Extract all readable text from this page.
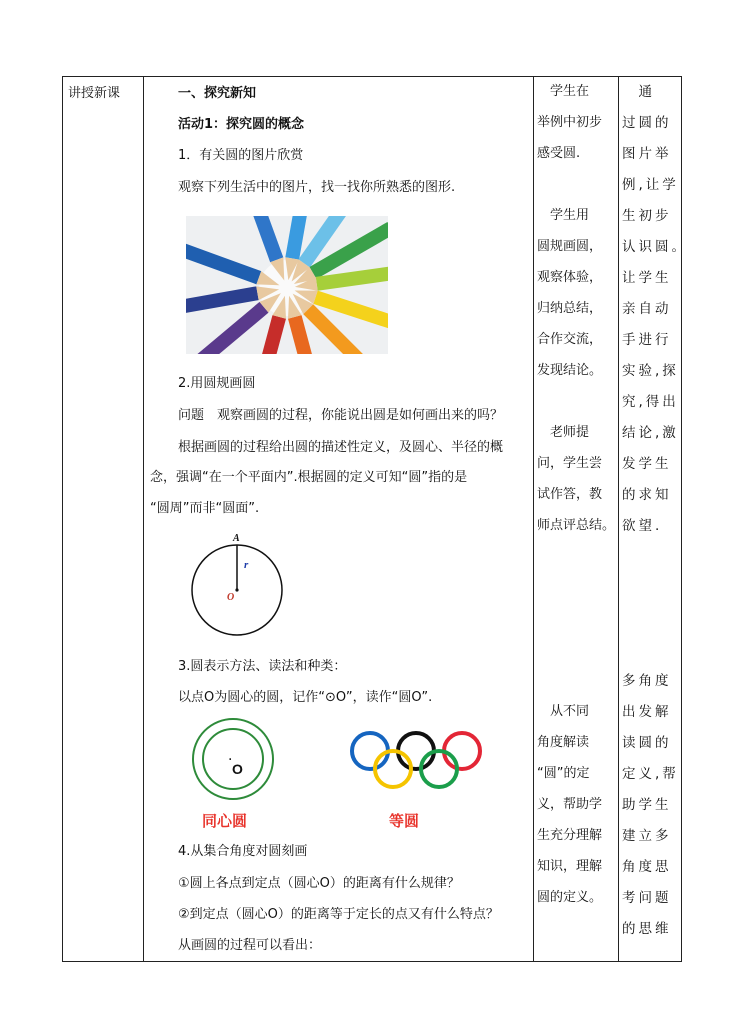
讲授新课	一、探究新知
活动1：探究圆的概念
1．有关圆的图片欣赏
观察下列生活中的图片，找一找你所熟悉的图形.
2.用圆规画圆
问题　观察画圆的过程，你能说出圆是如何画出来的吗？
根据画圆的过程给出圆的描述性定义，及圆心、半径的概
念，强调“在一个平面内”.根据圆的定义可知“圆”指的是
“圆周”而非“圆面”.
A
r
O
3.圆表示方法、读法和种类：
以点O为圆心的圆，记作“⊙O”，读作“圆O”.
·
O
同心圆	等圆
4.从集合角度对圆刻画
①圆上各点到定点（圆心O）的距离有什么规律？
②到定点（圆心O）的距离等于定长的点又有什么特点？
从画圆的过程可以看出：
　学生在
举例中初步
感受圆.
　学生用
圆规画圆，
观察体验，
归纳总结，
合作交流，
发现结论。
　老师提
问，学生尝
试作答，教
师点评总结。
　从不同
角度解读
“圆”的定
义，帮助学
生充分理解
知识，理解
圆的定义。
　通
过圆的
图片举
例,让学
生初步
认识圆。
让学生
亲自动
手进行
实验,探
究,得出
结论,激
发学生
的求知
欲望.
多角度
出发解
读圆的
定义,帮
助学生
建立多
角度思
考问题
的思维
